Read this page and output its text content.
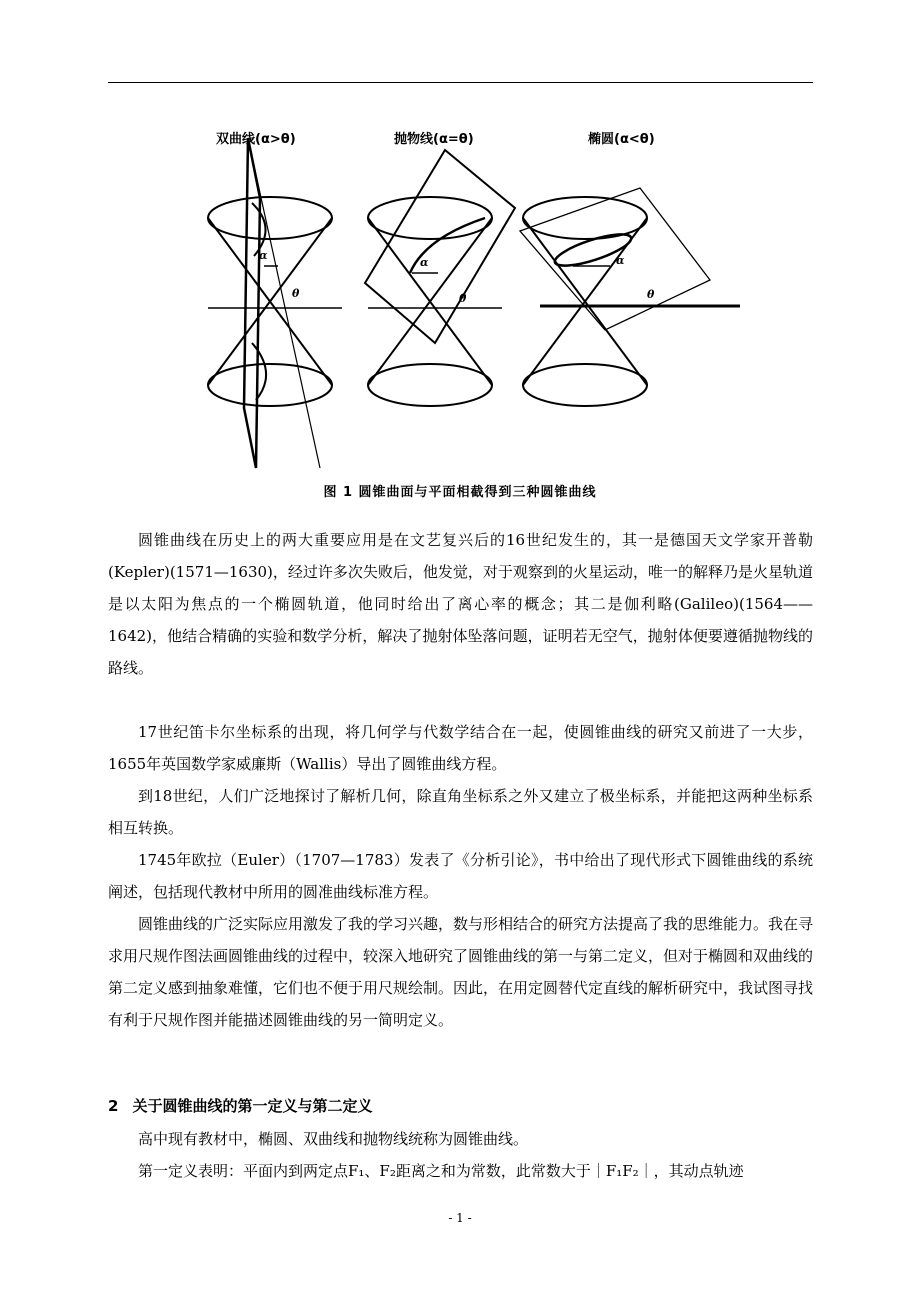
α
θ
α
θ
α
θ
双曲线(α>θ)	抛物线(α=θ)	椭圆(α<θ)
图 1 圆锥曲面与平面相截得到三种圆锥曲线

圆锥曲线在历史上的两大重要应用是在文艺复兴后的16世纪发生的，其一是德国天文学家开普勒(Kepler)(1571—1630)，经过许多次失败后，他发觉，对于观察到的火星运动，唯一的解释乃是火星轨道是以太阳为焦点的一个椭圆轨道，他同时给出了离心率的概念；其二是伽利略(Galileo)(1564——1642)，他结合精确的实验和数学分析，解决了抛射体坠落问题，证明若无空气，抛射体便要遵循抛物线的路线。

17世纪笛卡尔坐标系的出现，将几何学与代数学结合在一起，使圆锥曲线的研究又前进了一大步，1655年英国数学家威廉斯（Wallis）导出了圆锥曲线方程。

到18世纪，人们广泛地探讨了解析几何，除直角坐标系之外又建立了极坐标系，并能把这两种坐标系相互转换。

1745年欧拉（Euler）（1707—1783）发表了《分析引论》，书中给出了现代形式下圆锥曲线的系统阐述，包括现代教材中所用的圆准曲线标准方程。

圆锥曲线的广泛实际应用激发了我的学习兴趣，数与形相结合的研究方法提高了我的思维能力。我在寻求用尺规作图法画圆锥曲线的过程中，较深入地研究了圆锥曲线的第一与第二定义，但对于椭圆和双曲线的第二定义感到抽象难懂，它们也不便于用尺规绘制。因此，在用定圆替代定直线的解析研究中，我试图寻找有利于尺规作图并能描述圆锥曲线的另一简明定义。

2 关于圆锥曲线的第一定义与第二定义

高中现有教材中，椭圆、双曲线和抛物线统称为圆锥曲线。

第一定义表明：平面内到两定点F₁、F₂距离之和为常数，此常数大于｜F₁F₂｜，其动点轨迹

- 1 -
